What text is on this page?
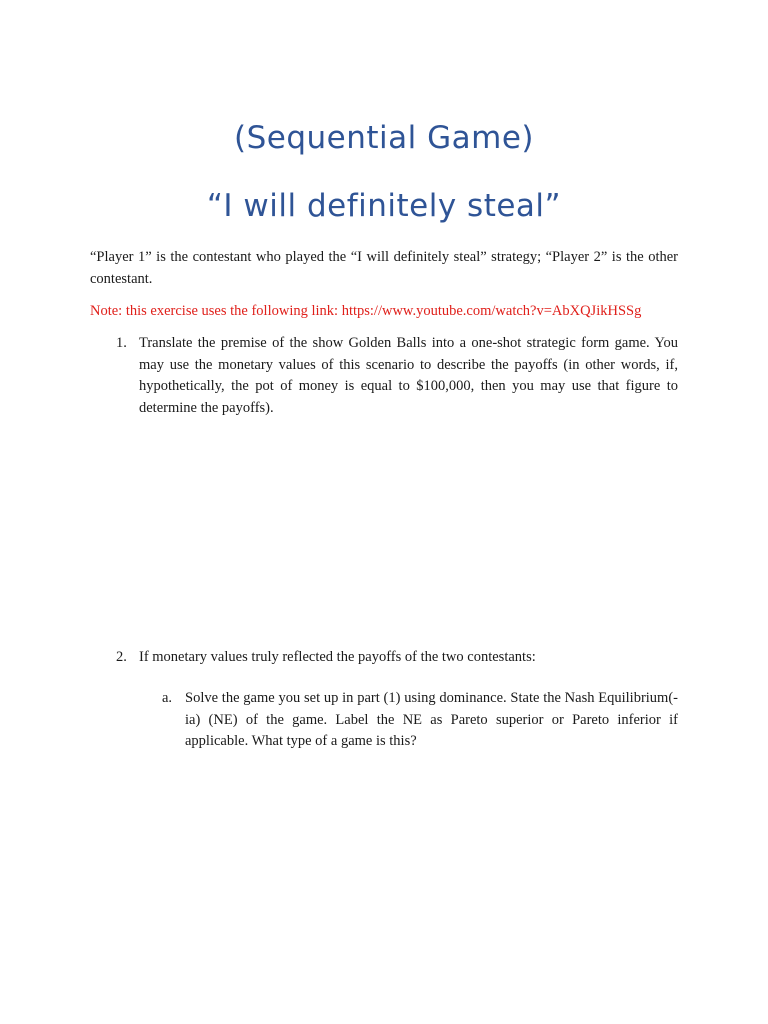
(Sequential Game)
“I will definitely steal”

“Player 1” is the contestant who played the “I will definitely steal” strategy; “Player 2” is the other contestant.

Note: this exercise uses the following link: https://www.youtube.com/watch?v=AbXQJikHSSg

1. Translate the premise of the show Golden Balls into a one-shot strategic form game. You may use the monetary values of this scenario to describe the payoffs (in other words, if, hypothetically, the pot of money is equal to $100,000, then you may use that figure to determine the payoffs).
2. If monetary values truly reflected the payoffs of the two contestants:
a. Solve the game you set up in part (1) using dominance. State the Nash Equilibrium(-ia) (NE) of the game. Label the NE as Pareto superior or Pareto inferior if applicable. What type of a game is this?
